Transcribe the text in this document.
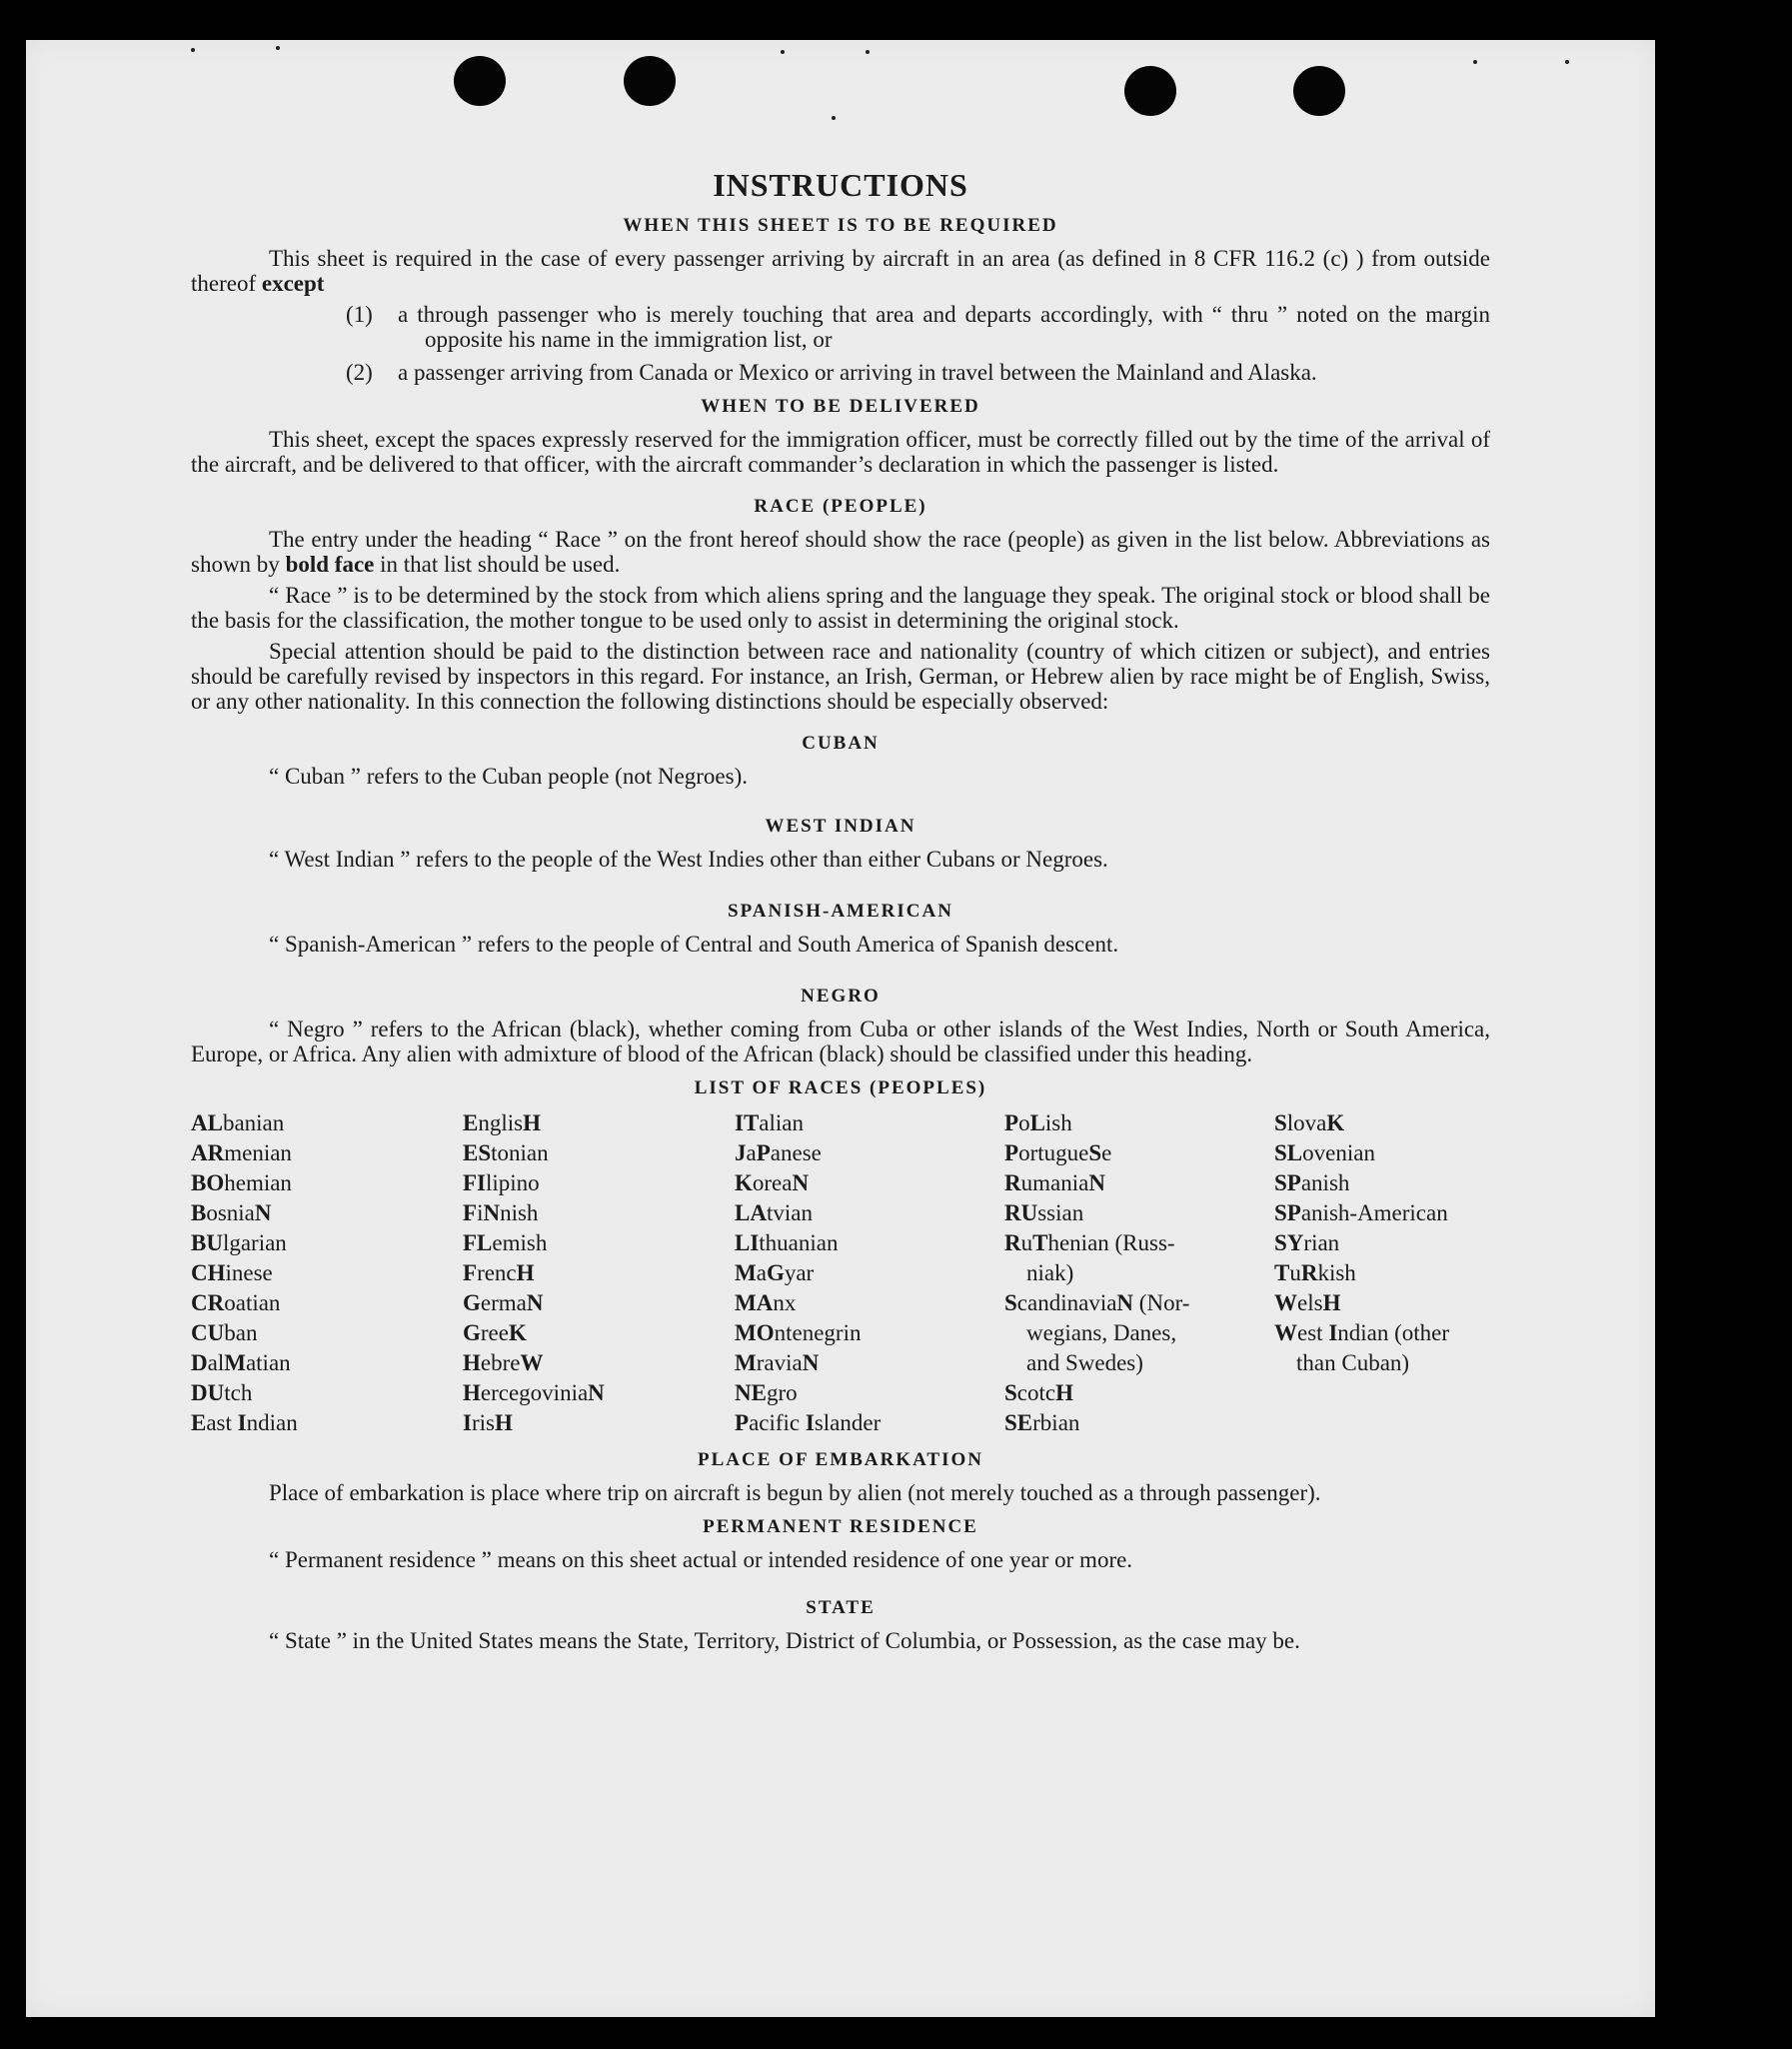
INSTRUCTIONS
WHEN THIS SHEET IS TO BE REQUIRED
This sheet is required in the case of every passenger arriving by aircraft in an area (as defined in 8 CFR 116.2 (c) ) from outside thereof except
(1)	a through passenger who is merely touching that area and departs accordingly, with “ thru ” noted on the margin opposite his name in the immigration list, or
(2)	a passenger arriving from Canada or Mexico or arriving in travel between the Mainland and Alaska.
WHEN TO BE DELIVERED
This sheet, except the spaces expressly reserved for the immigration officer, must be correctly filled out by the time of the arrival of the aircraft, and be delivered to that officer, with the aircraft commander’s declaration in which the passenger is listed.
RACE (PEOPLE)
The entry under the heading “ Race ” on the front hereof should show the race (people) as given in the list below. Abbreviations as shown by bold face in that list should be used.
“ Race ” is to be determined by the stock from which aliens spring and the language they speak. The original stock or blood shall be the basis for the classification, the mother tongue to be used only to assist in determining the original stock.
Special attention should be paid to the distinction between race and nationality (country of which citizen or subject), and entries should be carefully revised by inspectors in this regard. For instance, an Irish, German, or Hebrew alien by race might be of English, Swiss, or any other nationality. In this connection the following distinctions should be especially observed:
CUBAN
“ Cuban ” refers to the Cuban people (not Negroes).
WEST INDIAN
“ West Indian ” refers to the people of the West Indies other than either Cubans or Negroes.
SPANISH-AMERICAN
“ Spanish-American ” refers to the people of Central and South America of Spanish descent.
NEGRO
“ Negro ” refers to the African (black), whether coming from Cuba or other islands of the West Indies, North or South America, Europe, or Africa. Any alien with admixture of blood of the African (black) should be classified under this heading.
LIST OF RACES (PEOPLES)
ALbanian
ARmenian
BOhemian
BosniaN
BUlgarian
CHinese
CRoatian
CUban
DalMatian
DUtch
East Indian
EnglisH
EStonian
FIlipino
FiNnish
FLemish
FrencH
GermaN
GreeK
HebreW
HercegoviniaN
IrisH
ITalian
JaPanese
KoreaN
LAtvian
LIthuanian
MaGyar
MAnx
MOntenegrin
MraviaN
NEgro
Pacific Islander
PoLish
PortugueSe
RumaniaN
RUssian
RuThenian (Russ-
niak)
ScandinaviaN (Nor-
wegians, Danes,
and Swedes)
ScotcH
SErbian
SlovaK
SLovenian
SPanish
SPanish-American
SYrian
TuRkish
WelsH
West Indian (other
than Cuban)
PLACE OF EMBARKATION
Place of embarkation is place where trip on aircraft is begun by alien (not merely touched as a through passenger).
PERMANENT RESIDENCE
“ Permanent residence ” means on this sheet actual or intended residence of one year or more.
STATE
“ State ” in the United States means the State, Territory, District of Columbia, or Possession, as the case may be.
